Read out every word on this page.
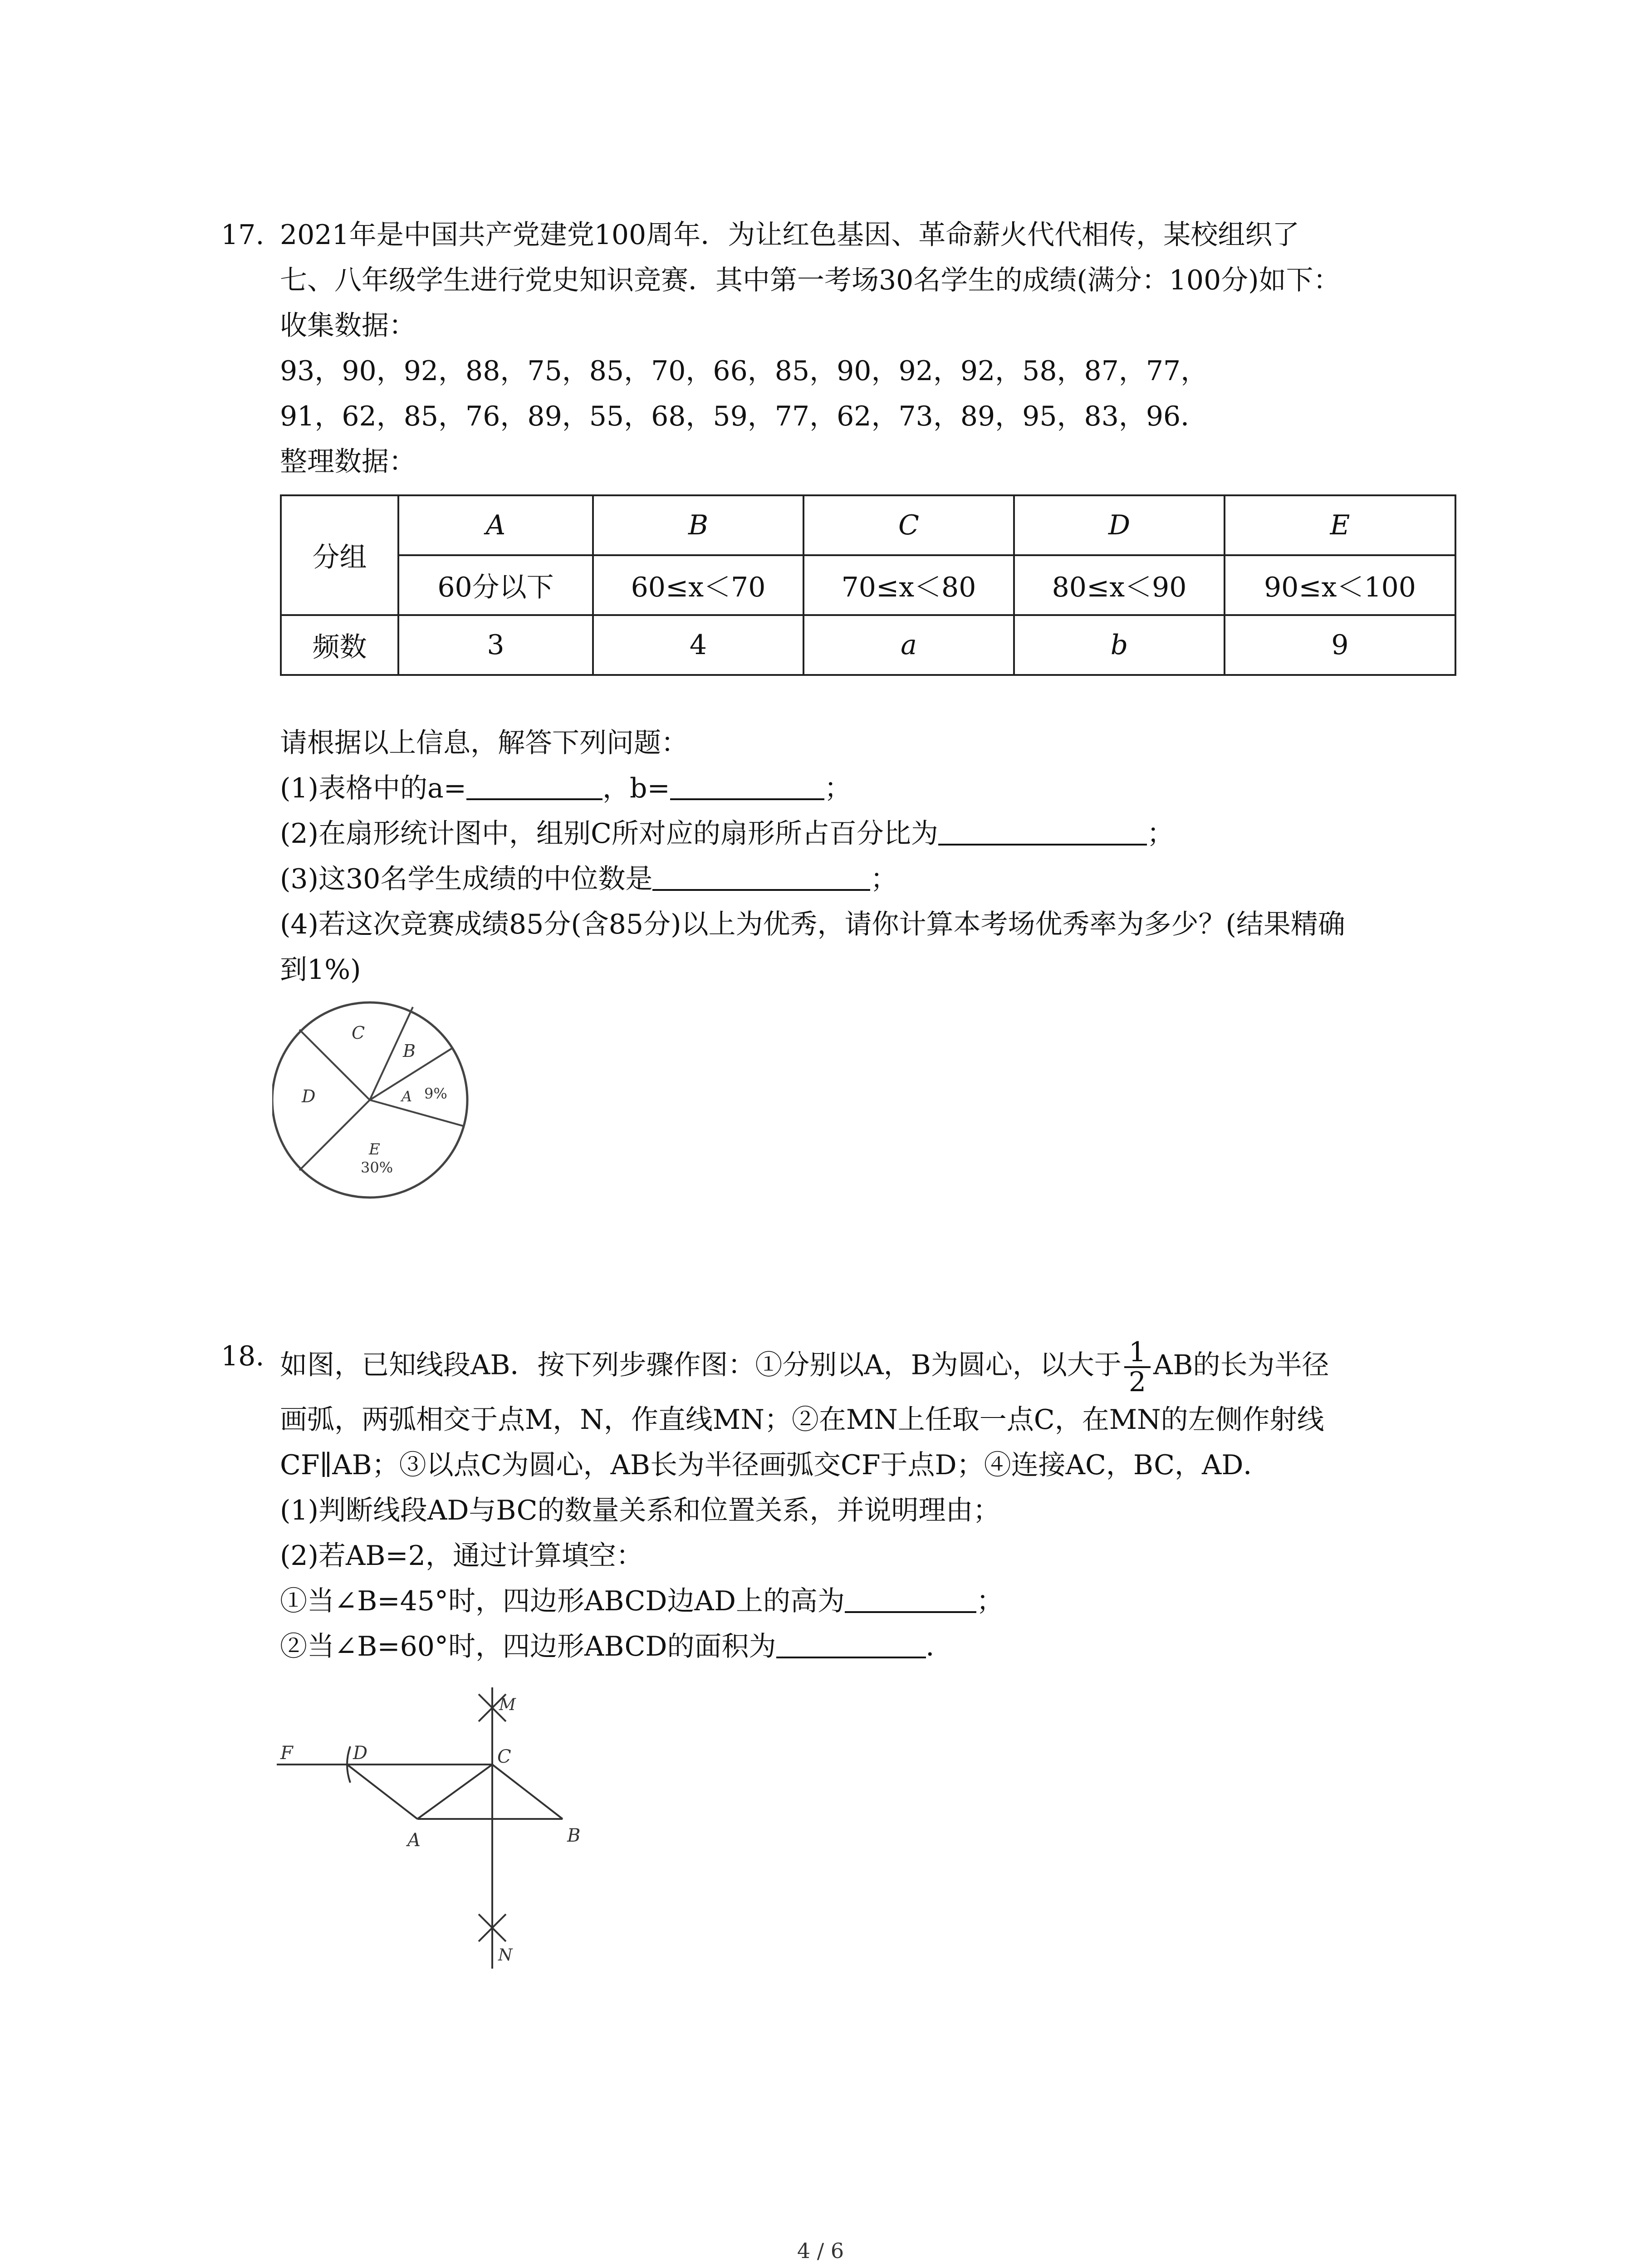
17. 2021年是中国共产党建党100周年．为让红色基因、革命薪火代代相传，某校组织了
七、八年级学生进行党史知识竞赛．其中第一考场30名学生的成绩(满分：100分)如下：
收集数据：
93，90，92，88，75，85，70，66，85，90，92，92，58，87，77，
91，62，85，76，89，55，68，59，77，62，73，89，95，83，96．
整理数据：
分组	A	B	C	D	E
	60分以下	60≤x＜70	70≤x＜80	80≤x＜90	90≤x＜100
频数	3	4	a	b	9
请根据以上信息，解答下列问题：
(1)表格中的a=	，b=	；
(2)在扇形统计图中，组别C所对应的扇形所占百分比为	；
(3)这30名学生成绩的中位数是	；
(4)若这次竞赛成绩85分(含85分)以上为优秀，请你计算本考场优秀率为多少？(结果精确
到1%)
C
B
D	A 9%
E
30%
18. 如图，已知线段AB．按下列步骤作图：①分别以A，B为圆心，以大于 $\frac{1}{2}$ AB的长为半径
画弧，两弧相交于点M，N，作直线MN；②在MN上任取一点C，在MN的左侧作射线
CF∥AB；③以点C为圆心，AB长为半径画弧交CF于点D；④连接AC，BC，AD．
(1)判断线段AD与BC的数量关系和位置关系，并说明理由；
(2)若AB=2，通过计算填空：
①当∠B=45°时，四边形ABCD边AD上的高为	；
②当∠B=60°时，四边形ABCD的面积为	．
F	D	C
M
A	B
N
4 / 6
